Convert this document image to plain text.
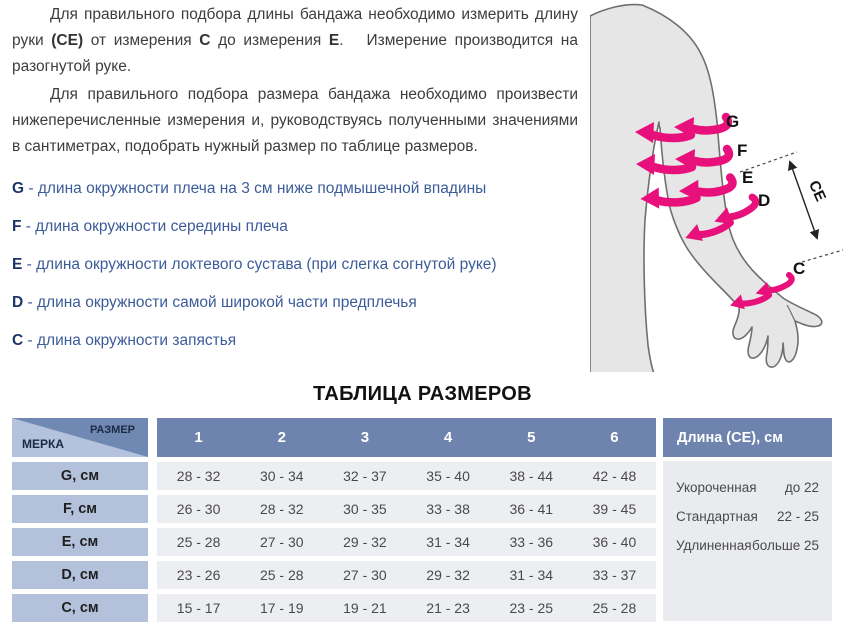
Для правильного подбора длины бандажа необходимо измерить длину руки (СЕ) от измерения С до измерения Е.   Измерение производится на разогнутой руке.

Для правильного подбора размера бандажа необходимо произвести нижеперечисленные измерения и, руководствуясь полученными значениями в сантиметрах, подобрать нужный размер по таблице размеров.

G - длина окружности плеча на 3 см ниже подмышечной впадины
F - длина окружности середины плеча
E - длина окружности локтевого сустава (при слегка согнутой руке)
D - длина окружности самой широкой части предплечья
C - длина окружности запястья
G
F
E
D
C
CE
ТАБЛИЦА РАЗМЕРОВ
РАЗМЕР
МЕРКА	1	2	3	4	5	6	Длина (СЕ), см
G, см	28 - 32	30 - 34	32 - 37	35 - 40	38 - 44	42 - 48
F, см	26 - 30	28 - 32	30 - 35	33 - 38	36 - 41	39 - 45
E, см	25 - 28	27 - 30	29 - 32	31 - 34	33 - 36	36 - 40
D, см	23 - 26	25 - 28	27 - 30	29 - 32	31 - 34	33 - 37
C, см	15 - 17	17 - 19	19 - 21	21 - 23	23 - 25	25 - 28
Укороченная до 22
Стандартная 22 - 25
Удлиненная больше 25
